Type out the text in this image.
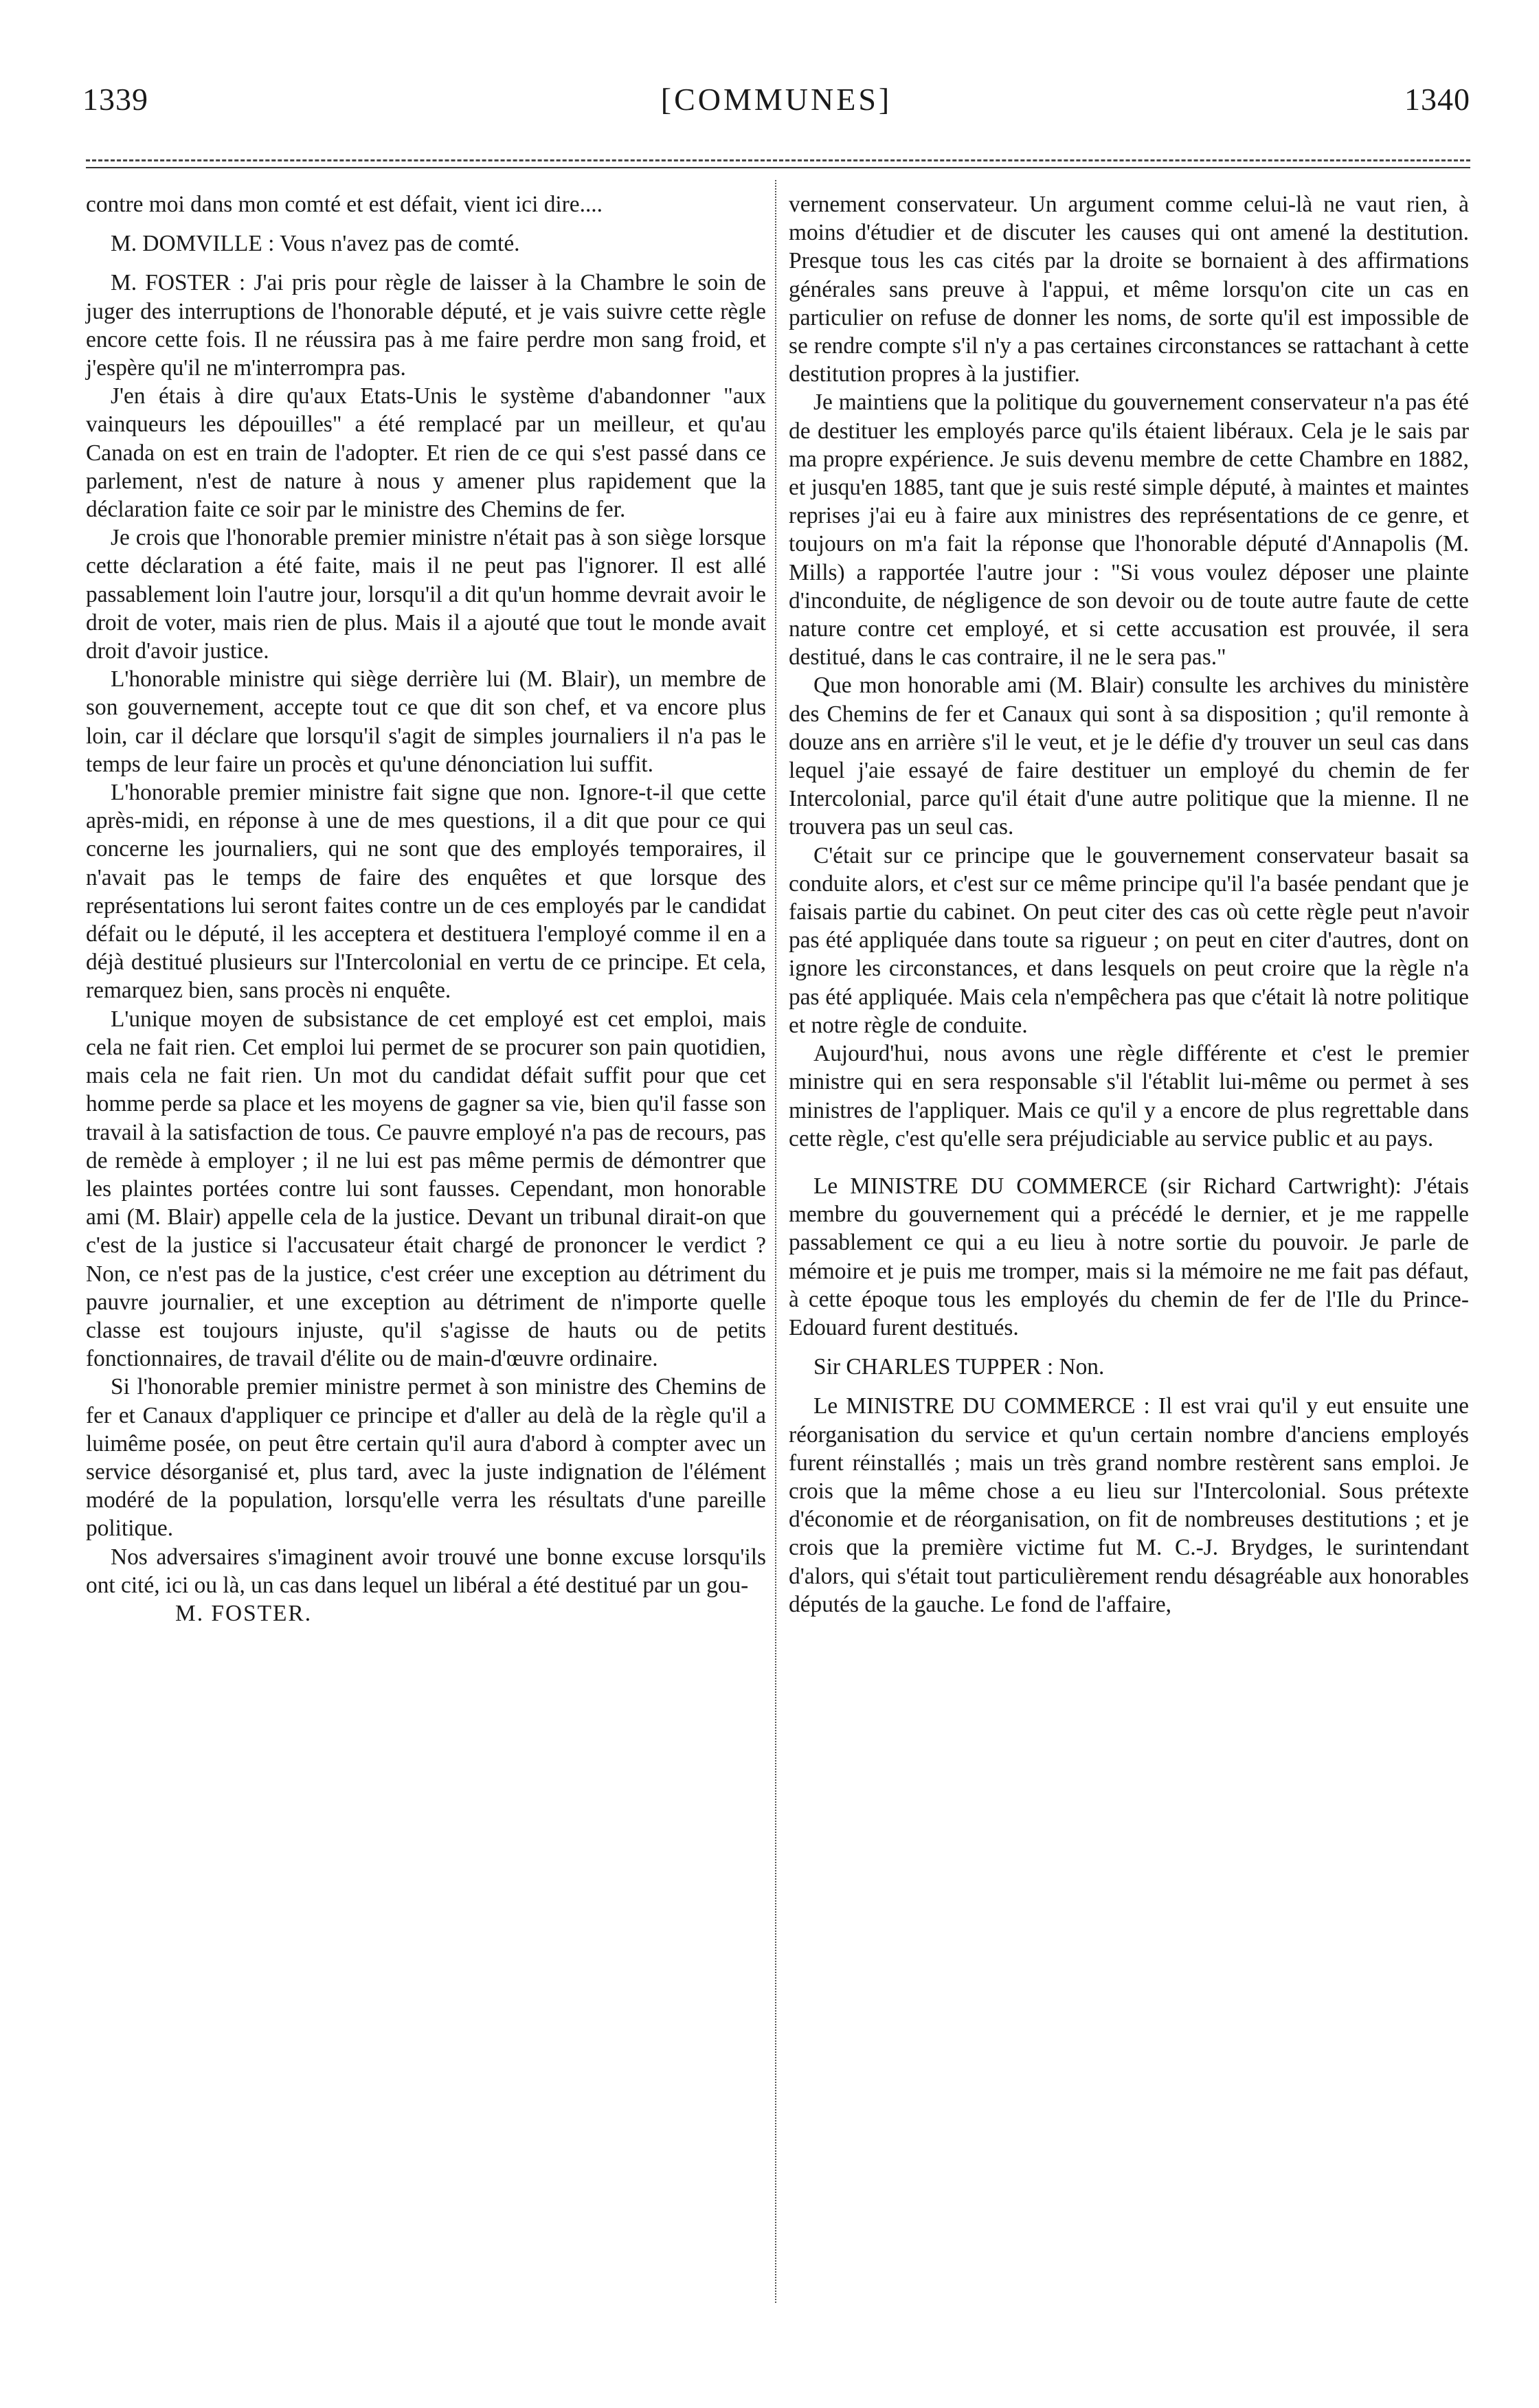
1339	[COMMUNES]	1340

contre moi dans mon comté et est défait, vient ici dire....

M. DOMVILLE : Vous n'avez pas de comté.

M. FOSTER : J'ai pris pour règle de laisser à la Chambre le soin de juger des interruptions de l'honorable député, et je vais suivre cette règle encore cette fois. Il ne réussira pas à me faire perdre mon sang froid, et j'espère qu'il ne m'interrompra pas.

J'en étais à dire qu'aux Etats-Unis le système d'abandonner "aux vainqueurs les dépouilles" a été remplacé par un meilleur, et qu'au Canada on est en train de l'adopter. Et rien de ce qui s'est passé dans ce parlement, n'est de nature à nous y amener plus rapidement que la déclaration faite ce soir par le ministre des Chemins de fer.

Je crois que l'honorable premier ministre n'était pas à son siège lorsque cette déclaration a été faite, mais il ne peut pas l'ignorer. Il est allé passablement loin l'autre jour, lorsqu'il a dit qu'un homme devrait avoir le droit de voter, mais rien de plus. Mais il a ajouté que tout le monde avait droit d'avoir justice.

L'honorable ministre qui siège derrière lui (M. Blair), un membre de son gouvernement, accepte tout ce que dit son chef, et va encore plus loin, car il déclare que lorsqu'il s'agit de simples journaliers il n'a pas le temps de leur faire un procès et qu'une dénonciation lui suffit.

L'honorable premier ministre fait signe que non. Ignore-t-il que cette après-midi, en réponse à une de mes questions, il a dit que pour ce qui concerne les journaliers, qui ne sont que des employés temporaires, il n'avait pas le temps de faire des enquêtes et que lorsque des représentations lui seront faites contre un de ces employés par le candidat défait ou le député, il les acceptera et destituera l'employé comme il en a déjà destitué plusieurs sur l'Intercolonial en vertu de ce principe. Et cela, remarquez bien, sans procès ni enquête.

L'unique moyen de subsistance de cet employé est cet emploi, mais cela ne fait rien. Cet emploi lui permet de se procurer son pain quotidien, mais cela ne fait rien. Un mot du candidat défait suffit pour que cet homme perde sa place et les moyens de gagner sa vie, bien qu'il fasse son travail à la satisfaction de tous. Ce pauvre employé n'a pas de recours, pas de remède à employer ; il ne lui est pas même permis de démontrer que les plaintes portées contre lui sont fausses. Cependant, mon honorable ami (M. Blair) appelle cela de la justice. Devant un tribunal dirait-on que c'est de la justice si l'accusateur était chargé de prononcer le verdict ? Non, ce n'est pas de la justice, c'est créer une exception au détriment du pauvre journalier, et une exception au détriment de n'importe quelle classe est toujours injuste, qu'il s'agisse de hauts ou de petits fonctionnaires, de travail d'élite ou de main-d'œuvre ordinaire.

Si l'honorable premier ministre permet à son ministre des Chemins de fer et Canaux d'appliquer ce principe et d'aller au delà de la règle qu'il a luimême posée, on peut être certain qu'il aura d'abord à compter avec un service désorganisé et, plus tard, avec la juste indignation de l'élément modéré de la population, lorsqu'elle verra les résultats d'une pareille politique.

Nos adversaires s'imaginent avoir trouvé une bonne excuse lorsqu'ils ont cité, ici ou là, un cas dans lequel un libéral a été destitué par un gou-

M. FOSTER.

vernement conservateur. Un argument comme celui-là ne vaut rien, à moins d'étudier et de discuter les causes qui ont amené la destitution. Presque tous les cas cités par la droite se bornaient à des affirmations générales sans preuve à l'appui, et même lorsqu'on cite un cas en particulier on refuse de donner les noms, de sorte qu'il est impossible de se rendre compte s'il n'y a pas certaines circonstances se rattachant à cette destitution propres à la justifier.

Je maintiens que la politique du gouvernement conservateur n'a pas été de destituer les employés parce qu'ils étaient libéraux. Cela je le sais par ma propre expérience. Je suis devenu membre de cette Chambre en 1882, et jusqu'en 1885, tant que je suis resté simple député, à maintes et maintes reprises j'ai eu à faire aux ministres des représentations de ce genre, et toujours on m'a fait la réponse que l'honorable député d'Annapolis (M. Mills) a rapportée l'autre jour : "Si vous voulez déposer une plainte d'inconduite, de négligence de son devoir ou de toute autre faute de cette nature contre cet employé, et si cette accusation est prouvée, il sera destitué, dans le cas contraire, il ne le sera pas."

Que mon honorable ami (M. Blair) consulte les archives du ministère des Chemins de fer et Canaux qui sont à sa disposition ; qu'il remonte à douze ans en arrière s'il le veut, et je le défie d'y trouver un seul cas dans lequel j'aie essayé de faire destituer un employé du chemin de fer Intercolonial, parce qu'il était d'une autre politique que la mienne. Il ne trouvera pas un seul cas.

C'était sur ce principe que le gouvernement conservateur basait sa conduite alors, et c'est sur ce même principe qu'il l'a basée pendant que je faisais partie du cabinet. On peut citer des cas où cette règle peut n'avoir pas été appliquée dans toute sa rigueur ; on peut en citer d'autres, dont on ignore les circonstances, et dans lesquels on peut croire que la règle n'a pas été appliquée. Mais cela n'empêchera pas que c'était là notre politique et notre règle de conduite.

Aujourd'hui, nous avons une règle différente et c'est le premier ministre qui en sera responsable s'il l'établit lui-même ou permet à ses ministres de l'appliquer. Mais ce qu'il y a encore de plus regrettable dans cette règle, c'est qu'elle sera préjudiciable au service public et au pays.

Le MINISTRE DU COMMERCE (sir Richard Cartwright): J'étais membre du gouvernement qui a précédé le dernier, et je me rappelle passablement ce qui a eu lieu à notre sortie du pouvoir. Je parle de mémoire et je puis me tromper, mais si la mémoire ne me fait pas défaut, à cette époque tous les employés du chemin de fer de l'Ile du Prince-Edouard furent destitués.

Sir CHARLES TUPPER : Non.

Le MINISTRE DU COMMERCE : Il est vrai qu'il y eut ensuite une réorganisation du service et qu'un certain nombre d'anciens employés furent réinstallés ; mais un très grand nombre restèrent sans emploi. Je crois que la même chose a eu lieu sur l'Intercolonial. Sous prétexte d'économie et de réorganisation, on fit de nombreuses destitutions ; et je crois que la première victime fut M. C.-J. Brydges, le surintendant d'alors, qui s'était tout particulièrement rendu désagréable aux honorables députés de la gauche. Le fond de l'affaire,
